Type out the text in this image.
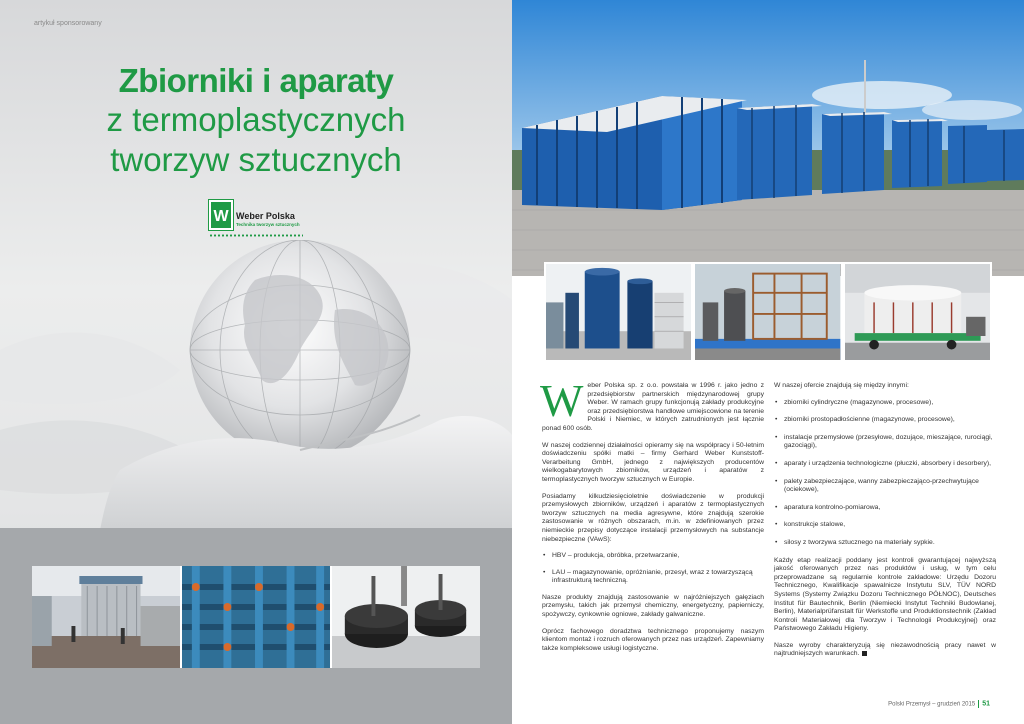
artykuł sponsorowany
Zbiorniki i aparaty
z termoplastycznych
tworzyw sztucznych
W Weber Polska
Technika tworzyw sztucznych

Weber Polska sp. z o.o. powstała w 1996 r. jako jedno z przedsiębiorstw partnerskich międzynarodowej grupy Weber. W ramach grupy funkcjonują zakłady produkcyjne oraz przedsiębiorstwa handlowe umiejscowione na terenie Polski i Niemiec, w których zatrudnionych jest łącznie ponad 600 osób.

W naszej codziennej działalności opieramy się na współpracy i 50-letnim doświadczeniu spółki matki – firmy Gerhard Weber Kunststoff-Verarbeitung GmbH, jednego z największych producentów wielkogabarytowych zbiorników, urządzeń i aparatów z termoplastycznych tworzyw sztucznych w Europie.

Posiadamy kilkudziesięcioletnie doświadczenie w produkcji przemysłowych zbiorników, urządzeń i aparatów z termoplastycznych tworzyw sztucznych na media agresywne, które znajdują szerokie zastosowanie w różnych obszarach, m.in. w zdefiniowanych przez niemieckie przepisy dotyczące instalacji przemysłowych na substancje niebezpieczne (VAwS):

• HBV – produkcja, obróbka, przetwarzanie,
• LAU – magazynowanie, opróżnianie, przesył, wraz z towarzyszącą infrastrukturą techniczną.

Nasze produkty znajdują zastosowanie w najróżniejszych gałęziach przemysłu, takich jak przemysł chemiczny, energetyczny, papierniczy, spożywczy, cynkownie ogniowe, zakłady galwaniczne.

Oprócz fachowego doradztwa technicznego proponujemy naszym klientom montaż i rozruch oferowanych przez nas urządzeń. Zapewniamy także kompleksowe usługi logistyczne.

W naszej ofercie znajdują się między innymi:

• zbiorniki cylindryczne (magazynowe, procesowe),
• zbiorniki prostopadłościenne (magazynowe, procesowe),
• instalacje przemysłowe (przesyłowe, dozujące, mieszające, rurociągi, gazociągi),
• aparaty i urządzenia technologiczne (płuczki, absorbery i desorbery),
• palety zabezpieczające, wanny zabezpieczająco-przechwytujące (ociekowe),
• aparatura kontrolno-pomiarowa,
• konstrukcje stalowe,
• silosy z tworzywa sztucznego na materiały sypkie.

Każdy etap realizacji poddany jest kontroli gwarantującej najwyższą jakość oferowanych przez nas produktów i usług, w tym celu przeprowadzane są regularnie kontrole zakładowe: Urzędu Dozoru Technicznego, Kwalifikacje spawalnicze Instytutu SLV, TÜV NORD Systems (Systemy Związku Dozoru Technicznego PÓŁNOC), Deutsches Institut für Bautechnik, Berlin (Niemiecki Instytut Techniki Budowlanej, Berlin), Materialprüfanstalt für Werkstoffe und Produktionstechnik (Zakład Kontroli Materiałowej dla Tworzyw i Technologii Produkcyjnej) oraz Państwowego Zakładu Higieny.

Nasze wyroby charakteryzują się niezawodnością pracy nawet w najtrudniejszych warunkach.

Polski Przemysł – grudzień 2015 51
